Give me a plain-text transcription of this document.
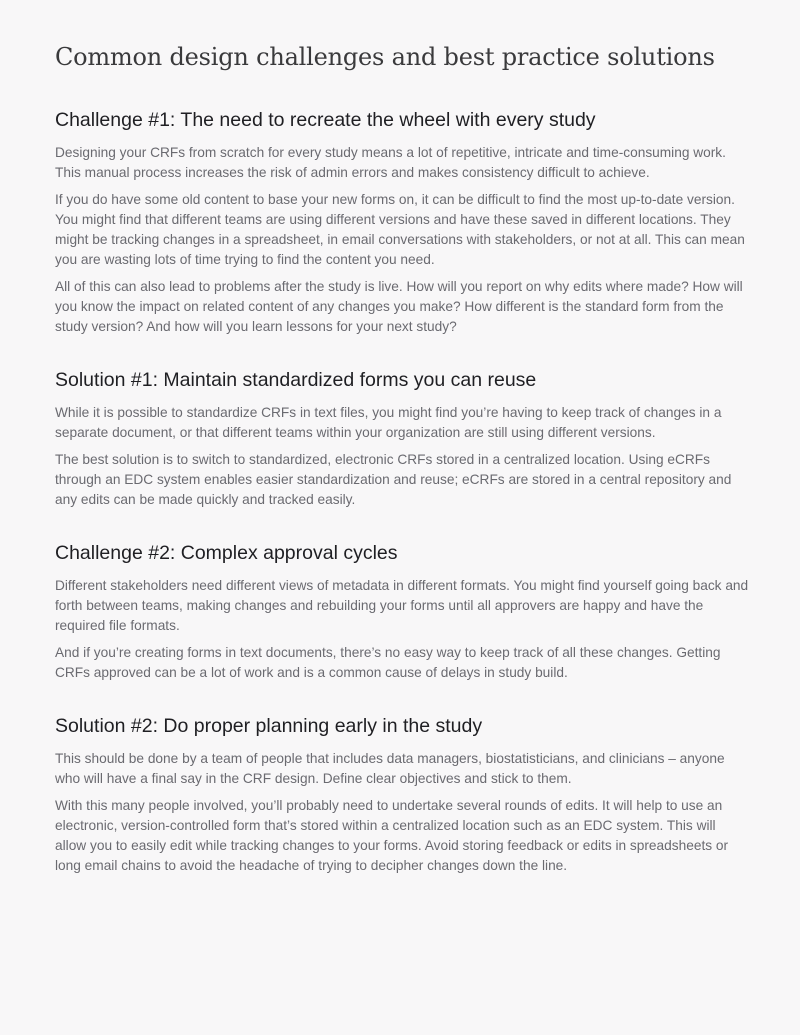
Common design challenges and best practice solutions
Challenge #1: The need to recreate the wheel with every study

Designing your CRFs from scratch for every study means a lot of repetitive, intricate and time-consuming work. This manual process increases the risk of admin errors and makes consistency difficult to achieve.

If you do have some old content to base your new forms on, it can be difficult to find the most up-to-date version. You might find that different teams are using different versions and have these saved in different locations. They might be tracking changes in a spreadsheet, in email conversations with stakeholders, or not at all. This can mean you are wasting lots of time trying to find the content you need.

All of this can also lead to problems after the study is live. How will you report on why edits where made? How will you know the impact on related content of any changes you make? How different is the standard form from the study version? And how will you learn lessons for your next study?

Solution #1: Maintain standardized forms you can reuse

While it is possible to standardize CRFs in text files, you might find you’re having to keep track of changes in a separate document, or that different teams within your organization are still using different versions.

The best solution is to switch to standardized, electronic CRFs stored in a centralized location. Using eCRFs through an EDC system enables easier standardization and reuse; eCRFs are stored in a central repository and any edits can be made quickly and tracked easily.

Challenge #2: Complex approval cycles

Different stakeholders need different views of metadata in different formats. You might find yourself going back and forth between teams, making changes and rebuilding your forms until all approvers are happy and have the required file formats.

And if you’re creating forms in text documents, there’s no easy way to keep track of all these changes. Getting CRFs approved can be a lot of work and is a common cause of delays in study build.

Solution #2: Do proper planning early in the study

This should be done by a team of people that includes data managers, biostatisticians, and clinicians – anyone who will have a final say in the CRF design. Define clear objectives and stick to them.

With this many people involved, you’ll probably need to undertake several rounds of edits. It will help to use an electronic, version-controlled form that’s stored within a centralized location such as an EDC system. This will allow you to easily edit while tracking changes to your forms. Avoid storing feedback or edits in spreadsheets or long email chains to avoid the headache of trying to decipher changes down the line.
